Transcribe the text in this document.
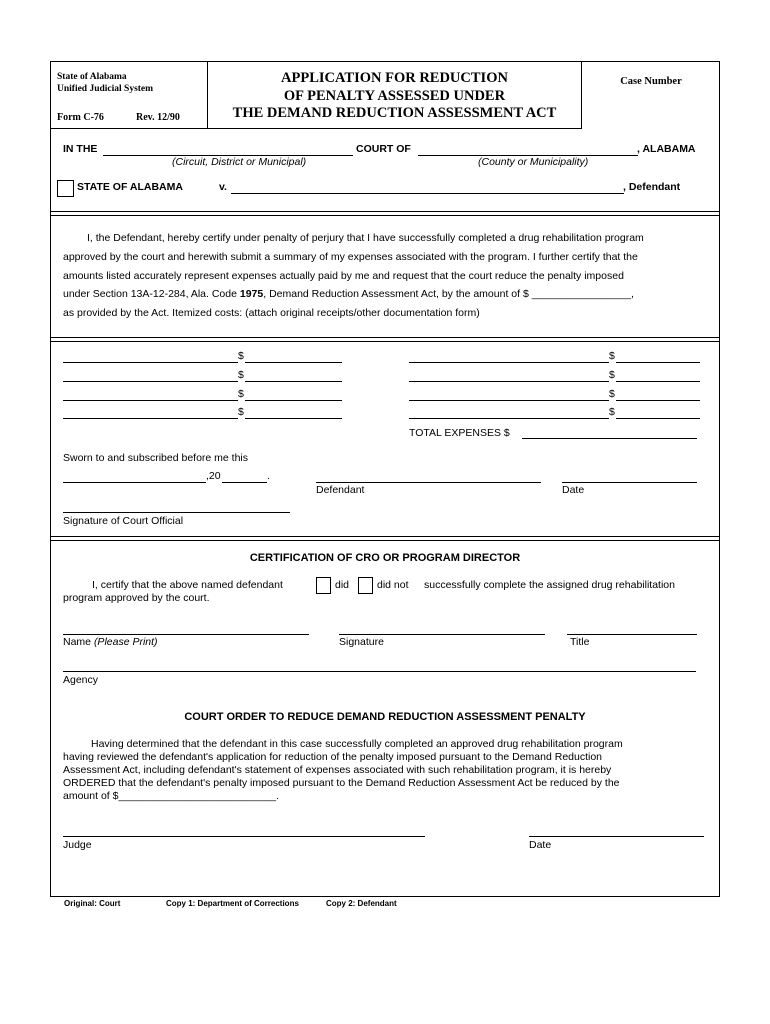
State of Alabama
Unified Judicial System
Form C-76	Rev. 12/90
APPLICATION FOR REDUCTION
OF PENALTY ASSESSED UNDER
THE DEMAND REDUCTION ASSESSMENT ACT
Case Number
IN THE	COURT OF	, ALABAMA
(Circuit, District or Municipal)	(County or Municipality)
STATE OF ALABAMA	v.	, Defendant
I, the Defendant, hereby certify under penalty of perjury that I have successfully completed a drug rehabilitation program
approved by the court and herewith submit a summary of my expenses associated with the program. I further certify that the
amounts listed accurately represent expenses actually paid by me and request that the court reduce the penalty imposed
under Section 13A-12-284, Ala. Code 1975, Demand Reduction Assessment Act, by the amount of $ _________________,
as provided by the Act. Itemized costs: (attach original receipts/other documentation form)
$	$
$	$
$	$
$	$
TOTAL EXPENSES $
Sworn to and subscribed before me this
,20	.
Defendant	Date
Signature of Court Official
CERTIFICATION OF CRO OR PROGRAM DIRECTOR
I, certify that the above named defendant	did	did not successfully complete the assigned drug rehabilitation
program approved by the court.
Name (Please Print)	Signature	Title
Agency
COURT ORDER TO REDUCE DEMAND REDUCTION ASSESSMENT PENALTY
Having determined that the defendant in this case successfully completed an approved drug rehabilitation program
having reviewed the defendant's application for reduction of the penalty imposed pursuant to the Demand Reduction
Assessment Act, including defendant's statement of expenses associated with such rehabilitation program, it is hereby
ORDERED that the defendant's penalty imposed pursuant to the Demand Reduction Assessment Act be reduced by the
amount of $___________________________.
Judge	Date
Original: Court	Copy 1: Department of Corrections	Copy 2: Defendant
